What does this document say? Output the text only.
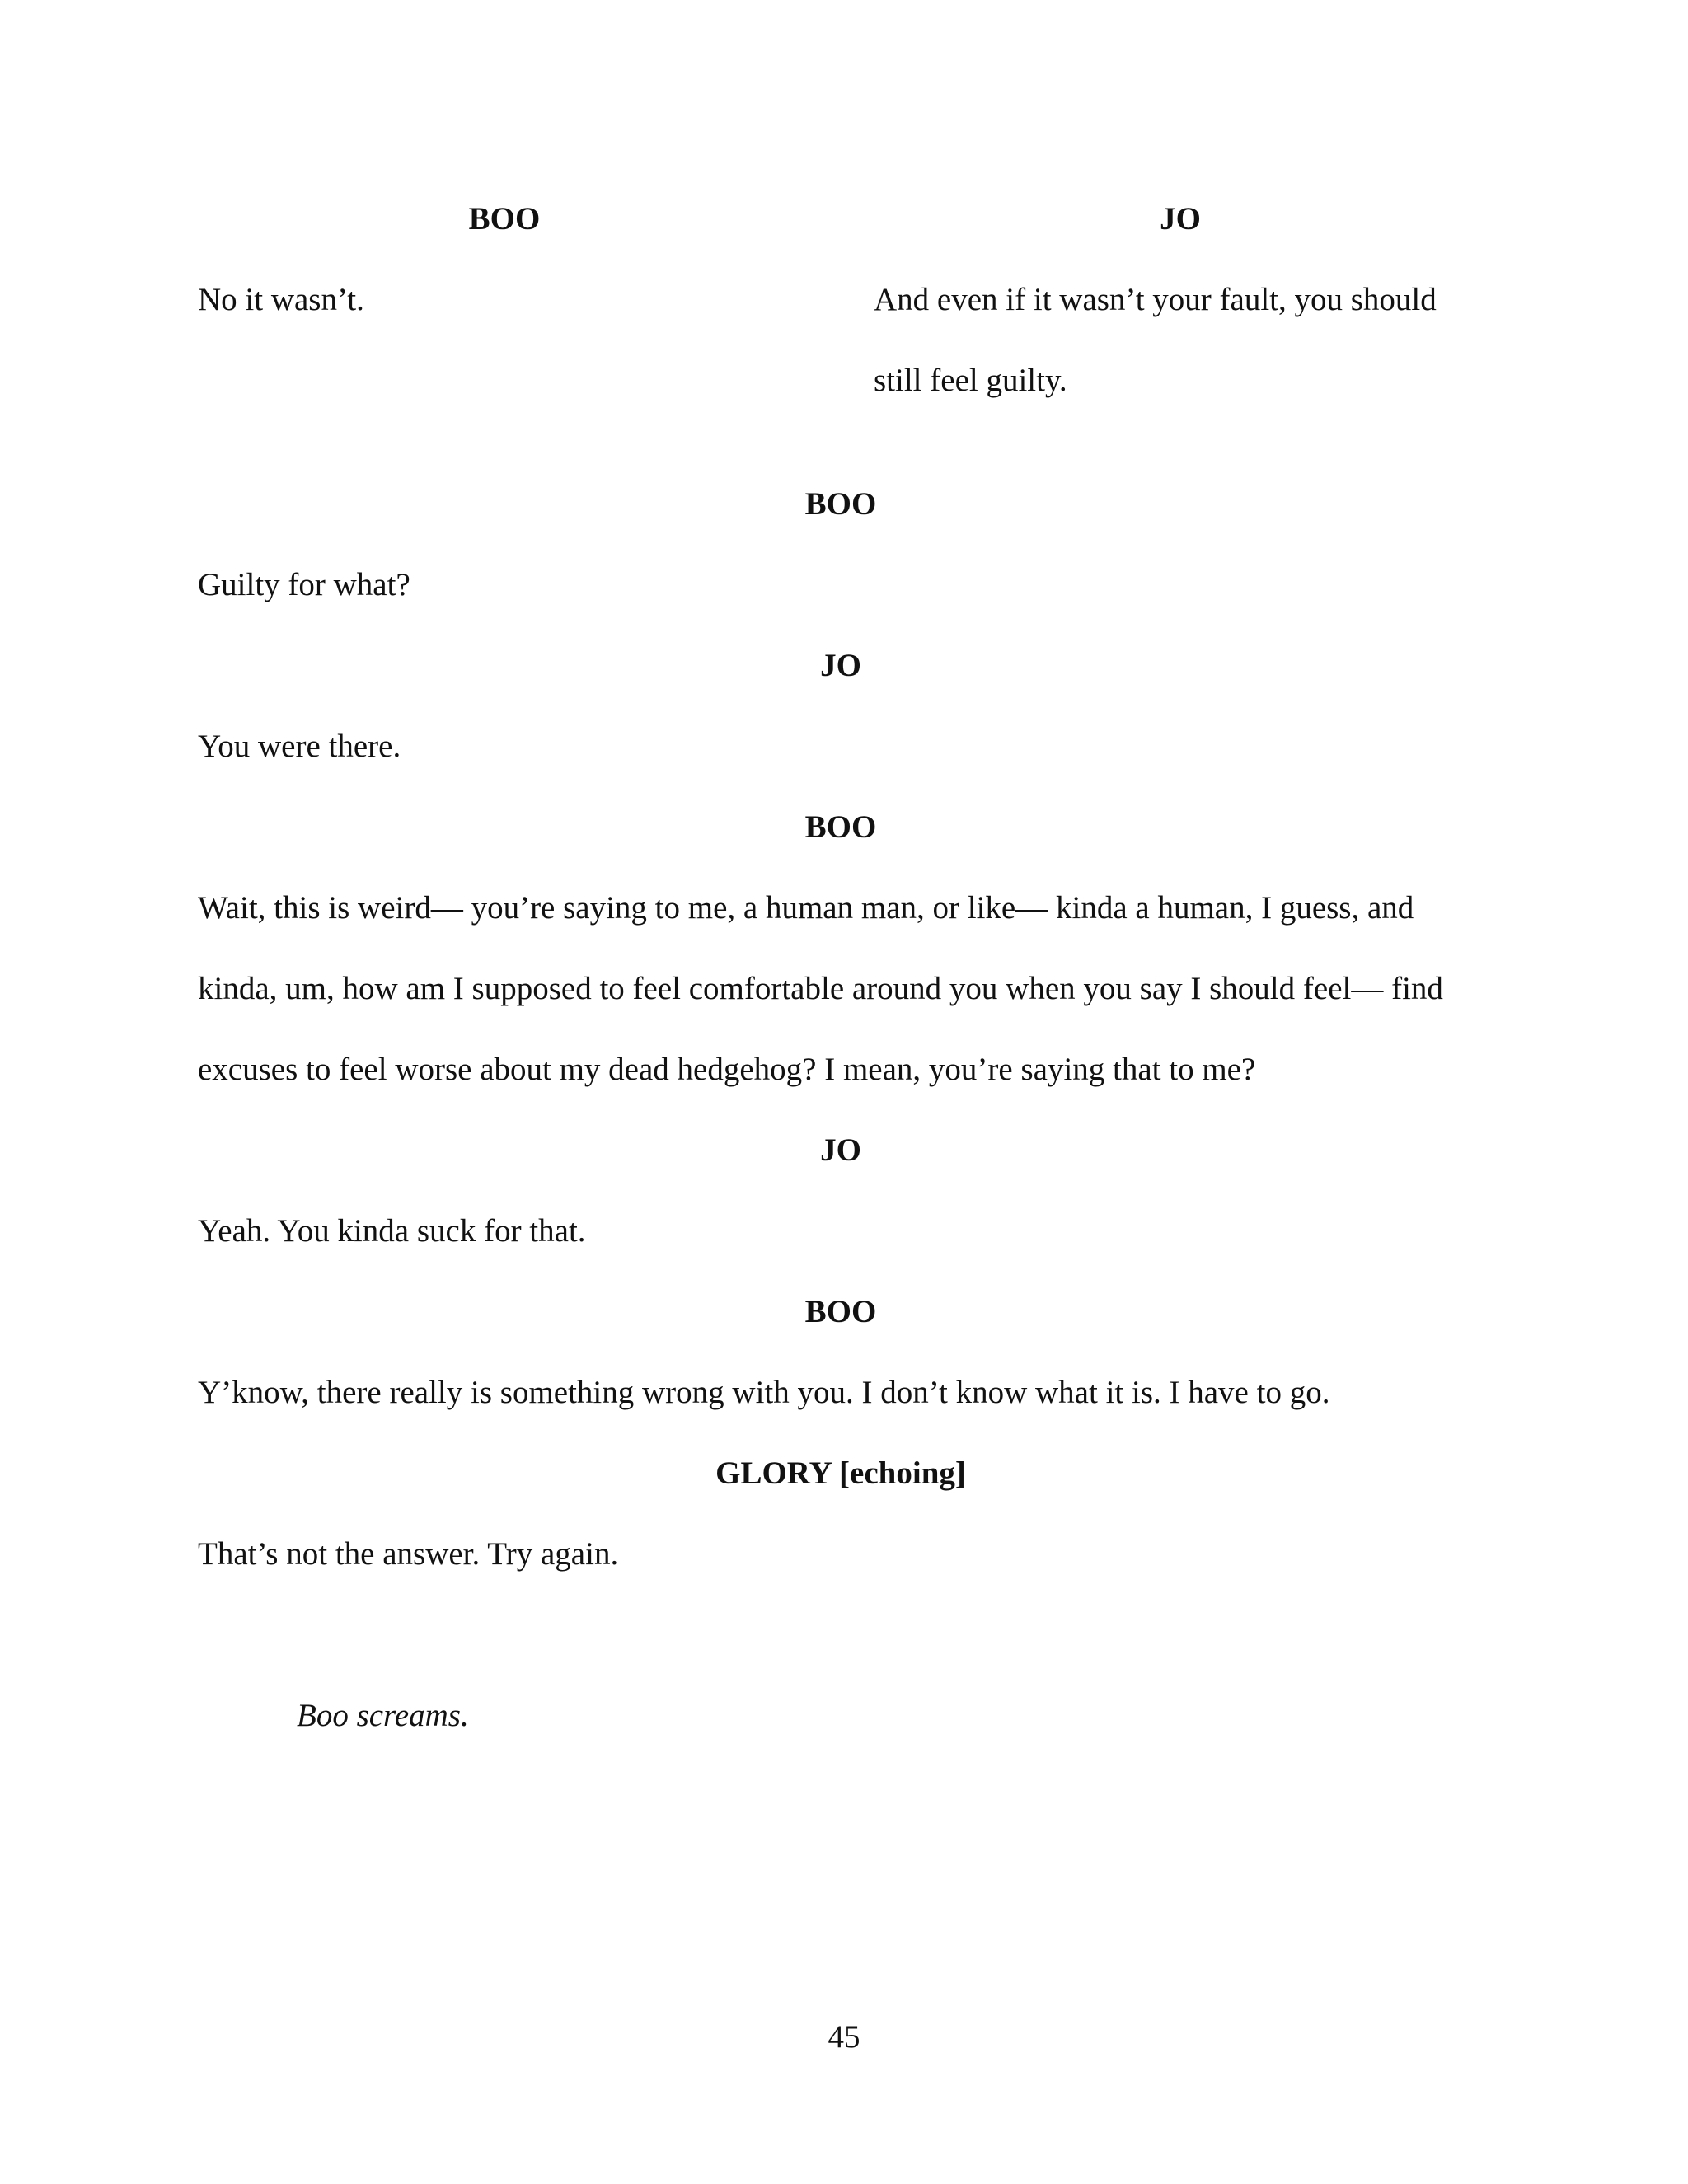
BOO	JO
No it wasn’t.	And even if it wasn’t your fault, you should
still feel guilty.
BOO
Guilty for what?
JO
You were there.
BOO
Wait, this is weird— you’re saying to me, a human man, or like— kinda a human, I guess, and
kinda, um, how am I supposed to feel comfortable around you when you say I should feel— find
excuses to feel worse about my dead hedgehog? I mean, you’re saying that to me?
JO
Yeah. You kinda suck for that.
BOO
Y’know, there really is something wrong with you. I don’t know what it is. I have to go.
GLORY [echoing]
That’s not the answer. Try again.
Boo screams.
45
